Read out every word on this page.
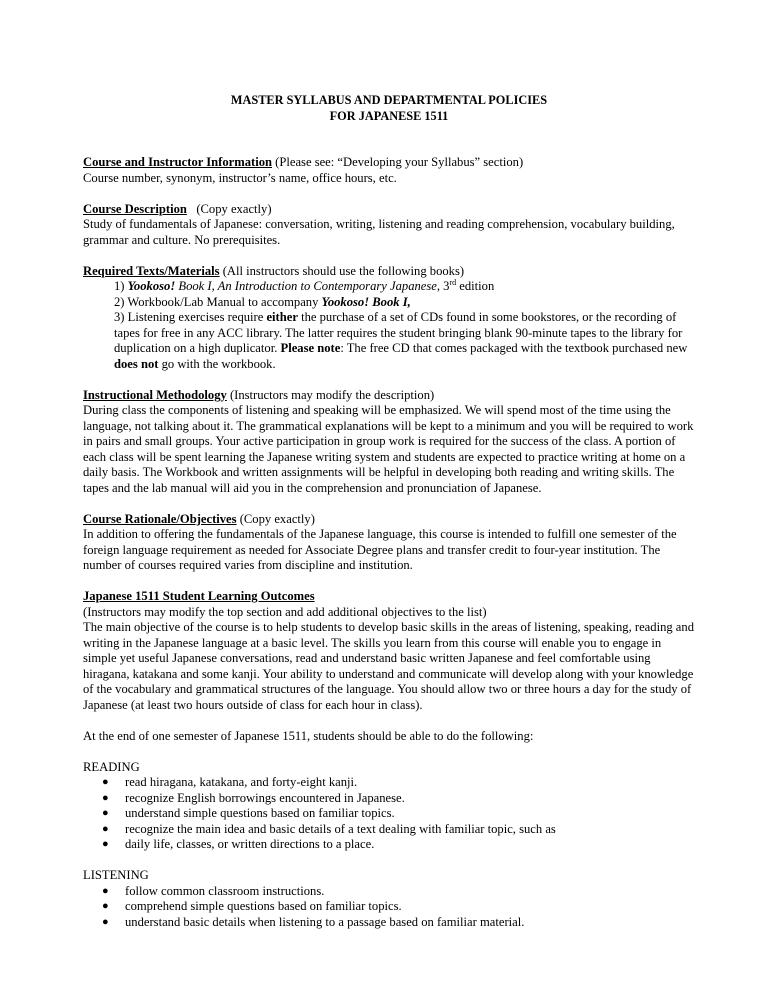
MASTER SYLLABUS AND DEPARTMENTAL POLICIES
FOR JAPANESE 1511

Course and Instructor Information (Please see: “Developing your Syllabus” section)

Course number, synonym, instructor’s name, office hours, etc.

Course Description   (Copy exactly)

Study of fundamentals of Japanese: conversation, writing, listening and reading comprehension, vocabulary building, grammar and culture. No prerequisites.

Required Texts/Materials (All instructors should use the following books)

1) Yookoso! Book I, An Introduction to Contemporary Japanese, 3rd edition

2) Workbook/Lab Manual to accompany Yookoso! Book I,

3) Listening exercises require either the purchase of a set of CDs found in some bookstores, or the recording of tapes for free in any ACC library. The latter requires the student bringing blank 90-minute tapes to the library for duplication on a high duplicator. Please note: The free CD that comes packaged with the textbook purchased new does not go with the workbook.

Instructional Methodology (Instructors may modify the description)

During class the components of listening and speaking will be emphasized. We will spend most of the time using the language, not talking about it. The grammatical explanations will be kept to a minimum and you will be required to work in pairs and small groups. Your active participation in group work is required for the success of the class. A portion of each class will be spent learning the Japanese writing system and students are expected to practice writing at home on a daily basis. The Workbook and written assignments will be helpful in developing both reading and writing skills. The tapes and the lab manual will aid you in the comprehension and pronunciation of Japanese.

Course Rationale/Objectives (Copy exactly)

In addition to offering the fundamentals of the Japanese language, this course is intended to fulfill one semester of the foreign language requirement as needed for Associate Degree plans and transfer credit to four-year institution. The number of courses required varies from discipline and institution.

Japanese 1511 Student Learning Outcomes

(Instructors may modify the top section and add additional objectives to the list)

The main objective of the course is to help students to develop basic skills in the areas of listening, speaking, reading and writing in the Japanese language at a basic level. The skills you learn from this course will enable you to engage in simple yet useful Japanese conversations, read and understand basic written Japanese and feel comfortable using hiragana, katakana and some kanji. Your ability to understand and communicate will develop along with your knowledge of the vocabulary and grammatical structures of the language. You should allow two or three hours a day for the study of Japanese (at least two hours outside of class for each hour in class).

At the end of one semester of Japanese 1511, students should be able to do the following:

READING

● read hiragana, katakana, and forty-eight kanji.
● recognize English borrowings encountered in Japanese.
● understand simple questions based on familiar topics.
● recognize the main idea and basic details of a text dealing with familiar topic, such as
● daily life, classes, or written directions to a place.

LISTENING

● follow common classroom instructions.
● comprehend simple questions based on familiar topics.
● understand basic details when listening to a passage based on familiar material.
